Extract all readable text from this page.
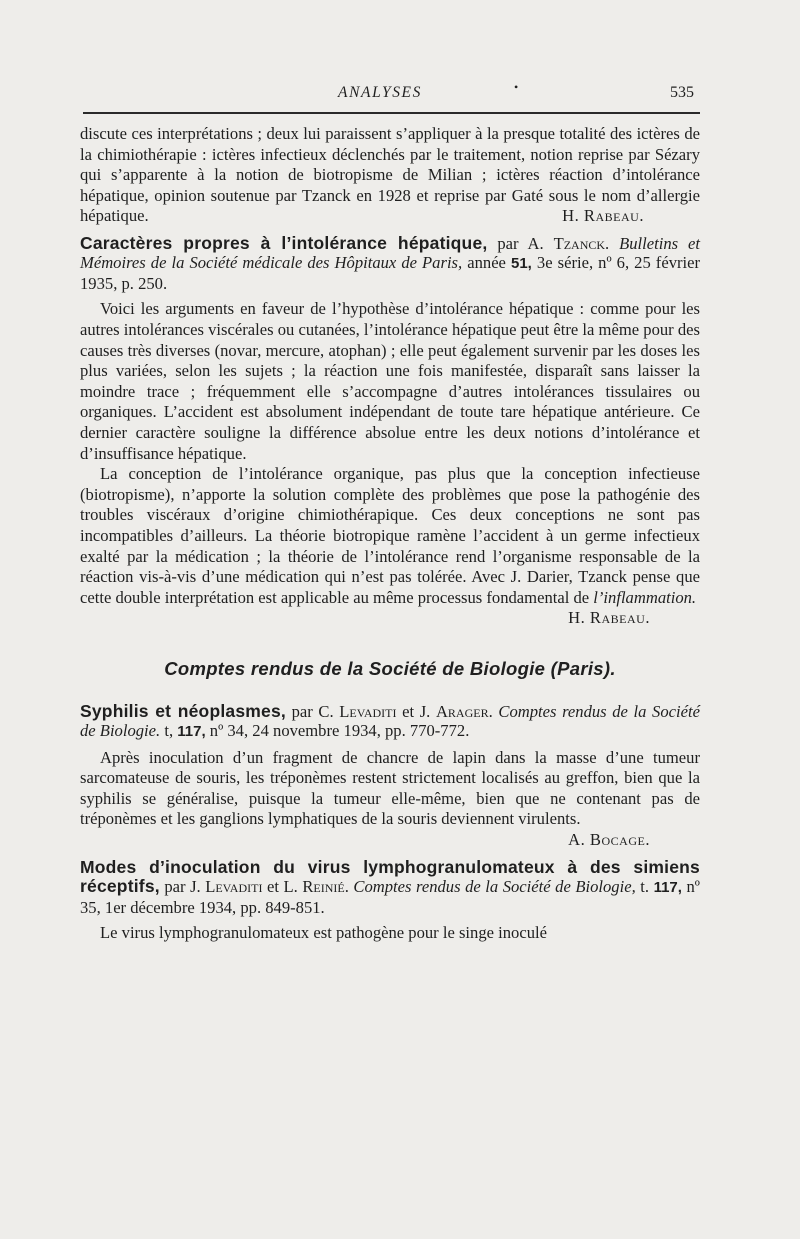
ANALYSES	•	535

discute ces interprétations ; deux lui paraissent s’appliquer à la presque totalité des ictères de la chimiothérapie : ictères infectieux déclenchés par le traitement, notion reprise par Sézary qui s’apparente à la notion de biotropisme de Milian ; ictères réaction d’intolérance hépatique, opinion soutenue par Tzanck en 1928 et reprise par Gaté sous le nom d’allergie hépatique.	H. Rabeau.

Caractères propres à l’intolérance hépatique, par A. Tzanck. Bulletins et Mémoires de la Société médicale des Hôpitaux de Paris, année 51, 3e série, nº 6, 25 février 1935, p. 250.

Voici les arguments en faveur de l’hypothèse d’intolérance hépatique : comme pour les autres intolérances viscérales ou cutanées, l’intolérance hépatique peut être la même pour des causes très diverses (novar, mercure, atophan) ; elle peut également survenir par les doses les plus variées, selon les sujets ; la réaction une fois manifestée, disparaît sans laisser la moindre trace ; fréquemment elle s’accompagne d’autres intolérances tissulaires ou organiques. L’accident est absolument indépendant de toute tare hépatique antérieure. Ce dernier caractère souligne la différence absolue entre les deux notions d’intolérance et d’insuffisance hépatique.

La conception de l’intolérance organique, pas plus que la conception infectieuse (biotropisme), n’apporte la solution complète des problèmes que pose la pathogénie des troubles viscéraux d’origine chimiothérapique. Ces deux conceptions ne sont pas incompatibles d’ailleurs. La théorie biotropique ramène l’accident à un germe infectieux exalté par la médication ; la théorie de l’intolérance rend l’organisme responsable de la réaction vis-à-vis d’une médication qui n’est pas tolérée. Avec J. Darier, Tzanck pense que cette double interprétation est applicable au même processus fondamental de l’inflammation.

H. Rabeau.

Comptes rendus de la Société de Biologie (Paris).
Syphilis et néoplasmes, par C. Levaditi et J. Arager. Comptes rendus de la Société de Biologie. t, 117, nº 34, 24 novembre 1934, pp. 770-772.

Après inoculation d’un fragment de chancre de lapin dans la masse d’une tumeur sarcomateuse de souris, les tréponèmes restent strictement localisés au greffon, bien que la syphilis se généralise, puisque la tumeur elle-même, bien que ne contenant pas de tréponèmes et les ganglions lymphatiques de la souris deviennent virulents.

A. Bocage.

Modes d’inoculation du virus lymphogranulomateux à des simiens réceptifs, par J. Levaditi et L. Reinié. Comptes rendus de la Société de Biologie, t. 117, nº 35, 1er décembre 1934, pp. 849-851.

Le virus lymphogranulomateux est pathogène pour le singe inoculé
